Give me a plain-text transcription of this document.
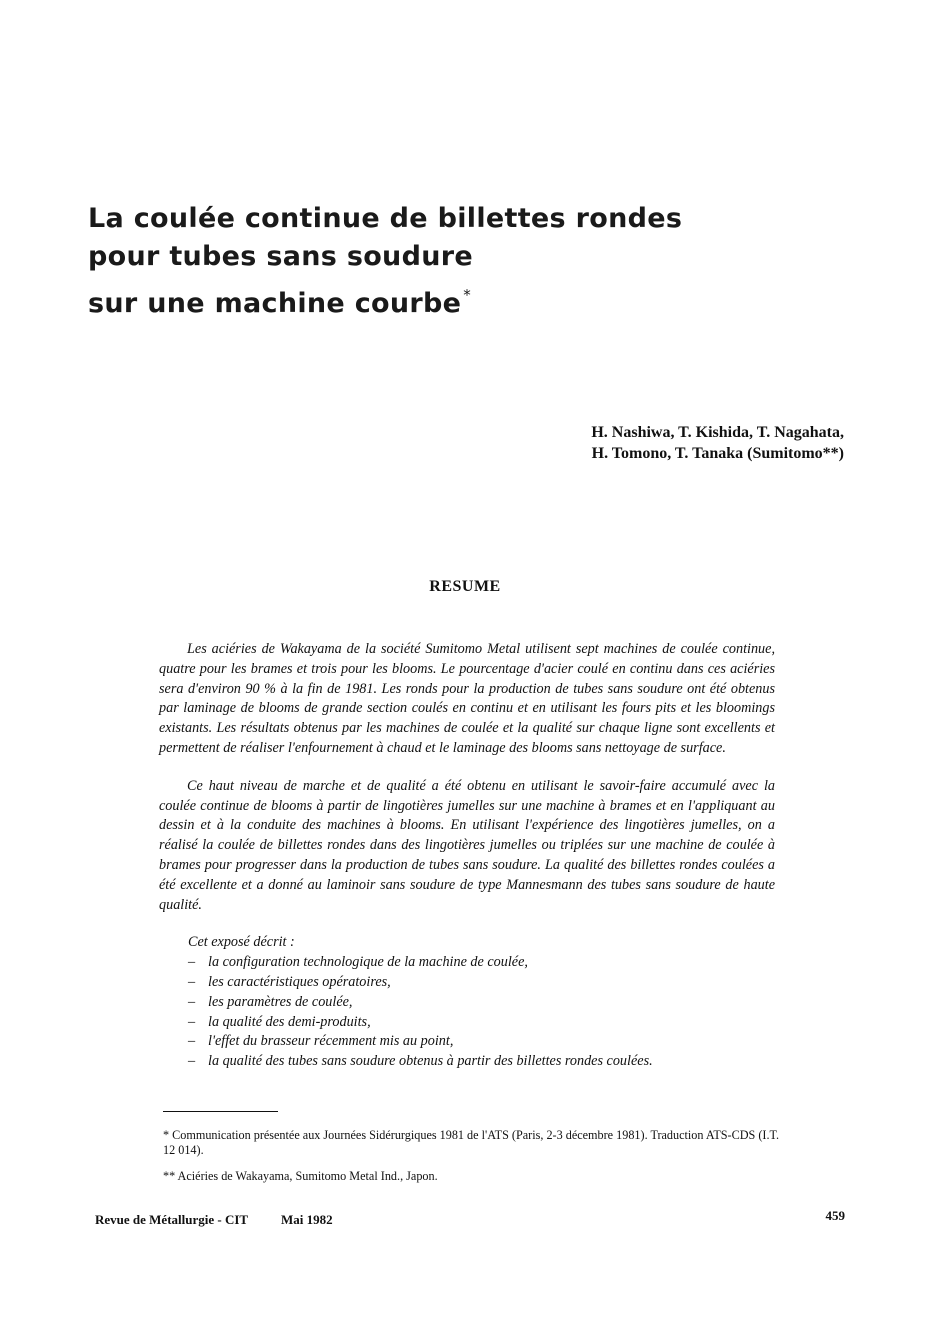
La coulée continue de billettes rondes
pour tubes sans soudure
sur une machine courbe *
H. Nashiwa, T. Kishida, T. Nagahata,
H. Tomono, T. Tanaka (Sumitomo**)
RESUME

Les aciéries de Wakayama de la société Sumitomo Metal utilisent sept machines de coulée continue, quatre pour les brames et trois pour les blooms. Le pourcentage d'acier coulé en continu dans ces aciéries sera d'environ 90 % à la fin de 1981. Les ronds pour la production de tubes sans soudure ont été obtenus par laminage de blooms de grande section coulés en continu et en utilisant les fours pits et les bloomings existants. Les résultats obtenus par les machines de coulée et la qualité sur chaque ligne sont excellents et permettent de réaliser l'enfournement à chaud et le laminage des blooms sans nettoyage de surface.

Ce haut niveau de marche et de qualité a été obtenu en utilisant le savoir-faire accumulé avec la coulée continue de blooms à partir de lingotières jumelles sur une machine à brames et en l'appliquant au dessin et à la conduite des machines à blooms. En utilisant l'expérience des lingotières jumelles, on a réalisé la coulée de billettes rondes dans des lingotières jumelles ou triplées sur une machine de coulée à brames pour progresser dans la production de tubes sans soudure. La qualité des billettes rondes coulées a été excellente et a donné au laminoir sans soudure de type Mannesmann des tubes sans soudure de haute qualité.

Cet exposé décrit :
– la configuration technologique de la machine de coulée,
– les caractéristiques opératoires,
– les paramètres de coulée,
– la qualité des demi-produits,
– l'effet du brasseur récemment mis au point,
– la qualité des tubes sans soudure obtenus à partir des billettes rondes coulées.

* Communication présentée aux Journées Sidérurgiques 1981 de l'ATS (Paris, 2-3 décembre 1981). Traduction ATS-CDS (I.T. 12 014).

** Aciéries de Wakayama, Sumitomo Metal Ind., Japon.

Revue de Métallurgie - CIT	Mai 1982	459
